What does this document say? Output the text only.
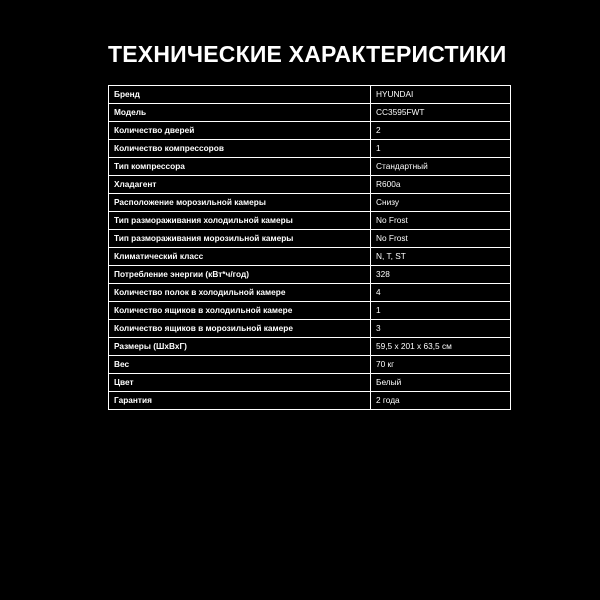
ТЕХНИЧЕСКИЕ ХАРАКТЕРИСТИКИ
Бренд	HYUNDAI
Модель	CC3595FWT
Количество дверей	2
Количество компрессоров	1
Тип компрессора	Стандартный
Хладагент	R600a
Расположение морозильной камеры	Снизу
Тип размораживания холодильной камеры	No Frost
Тип размораживания морозильной камеры	No Frost
Климатический класс	N, T, ST
Потребление энергии (кВт*ч/год)	328
Количество полок в холодильной камере	4
Количество ящиков в холодильной камере	1
Количество ящиков в морозильной камере	3
Размеры (ШхВхГ)	59,5 х 201 х 63,5 см
Вес	70 кг
Цвет	Белый
Гарантия	2 года
